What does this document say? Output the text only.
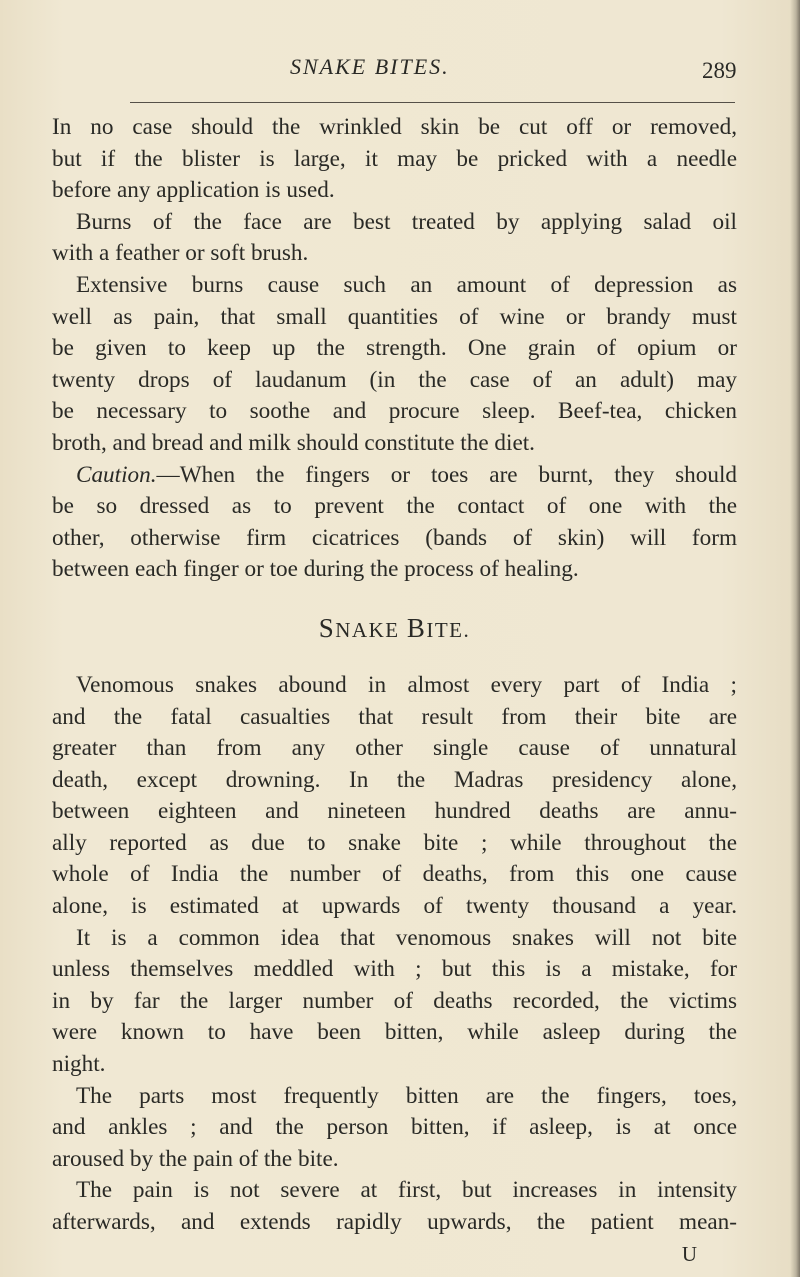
SNAKE BITES.	289
In no case should the wrinkled skin be cut off or removed,
but if the blister is large, it may be pricked with a needle
before any application is used.
Burns of the face are best treated by applying salad oil
with a feather or soft brush.
Extensive burns cause such an amount of depression as
well as pain, that small quantities of wine or brandy must
be given to keep up the strength. One grain of opium or
twenty drops of laudanum (in the case of an adult) may
be necessary to soothe and procure sleep. Beef-tea, chicken
broth, and bread and milk should constitute the diet.
Caution.—When the fingers or toes are burnt, they should
be so dressed as to prevent the contact of one with the
other, otherwise firm cicatrices (bands of skin) will form
between each finger or toe during the process of healing.
SNAKE BITE.
Venomous snakes abound in almost every part of India ;
and the fatal casualties that result from their bite are
greater than from any other single cause of unnatural
death, except drowning. In the Madras presidency alone,
between eighteen and nineteen hundred deaths are annu-
ally reported as due to snake bite ; while throughout the
whole of India the number of deaths, from this one cause
alone, is estimated at upwards of twenty thousand a year.
It is a common idea that venomous snakes will not bite
unless themselves meddled with ; but this is a mistake, for
in by far the larger number of deaths recorded, the victims
were known to have been bitten, while asleep during the
night.
The parts most frequently bitten are the fingers, toes,
and ankles ; and the person bitten, if asleep, is at once
aroused by the pain of the bite.
The pain is not severe at first, but increases in intensity
afterwards, and extends rapidly upwards, the patient mean-
U
